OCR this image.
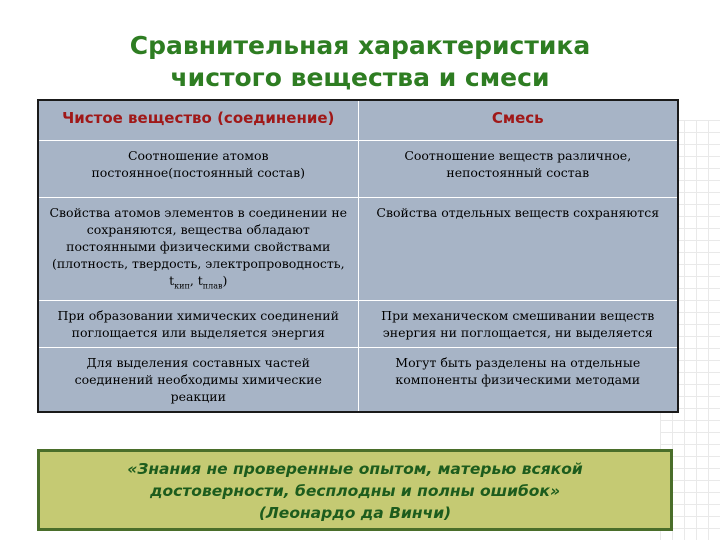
Сравнительная характеристика
чистого вещества и смеси
Чистое вещество (соединение)	Смесь
Соотношение атомов постоянное(постоянный состав)	Соотношение веществ различное, непостоянный состав
Свойства атомов элементов в соединении не сохраняются, вещества обладают постоянными физическими свойствами (плотность, твердость, электропроводность,
$t_{кип}$, $t_{плав}$)	Свойства отдельных веществ сохраняются
При образовании химических соединений поглощается или выделяется энергия	При механическом смешивании веществ энергия ни поглощается, ни выделяется
Для выделения составных частей соединений необходимы химические реакции	Могут быть разделены на отдельные компоненты физическими методами
«Знания не проверенные опытом, матерью всякой
достоверности, бесплодны и полны ошибок»
(Леонардо да Винчи)
